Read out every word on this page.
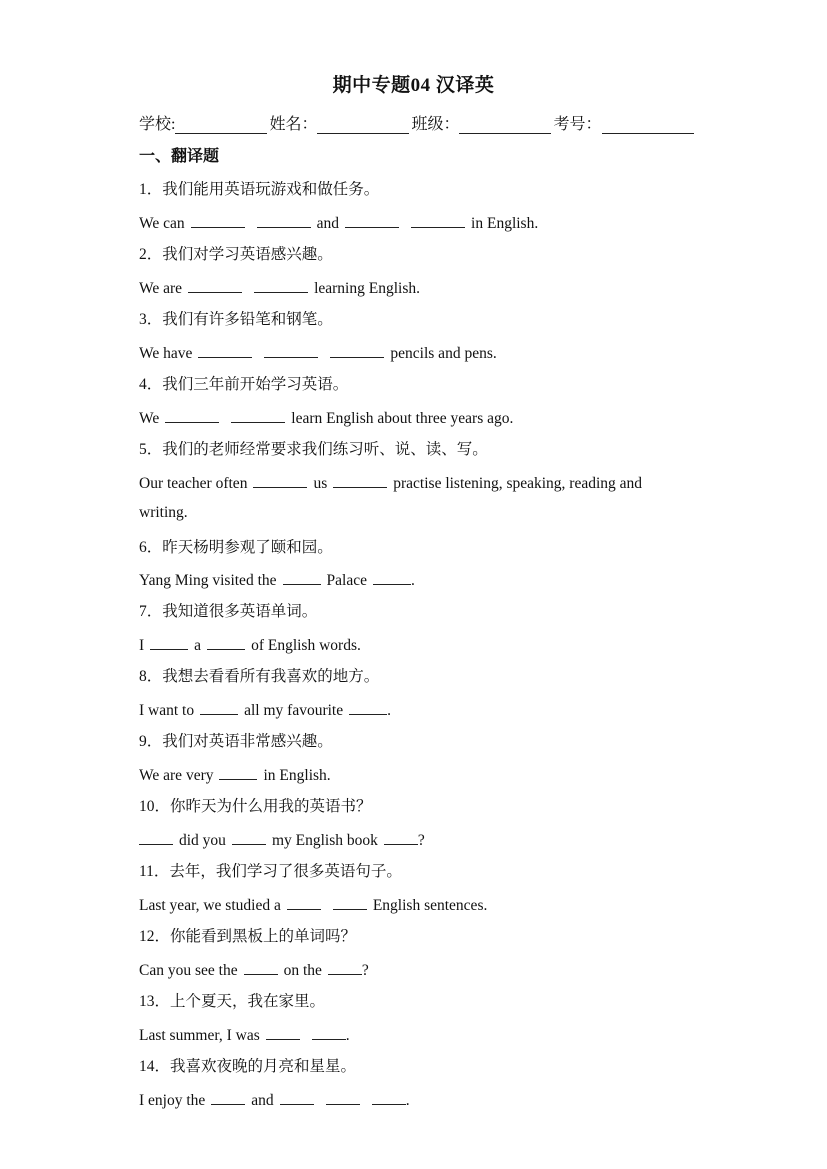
期中专题04 汉译英
学校:	姓名：	班级：	考号：
一、翻译题
1．我们能用英语玩游戏和做任务。
We can	and	in English.
2．我们对学习英语感兴趣。
We are	learning English.
3．我们有许多铅笔和钢笔。
We have	pencils and pens.
4．我们三年前开始学习英语。
We	learn English about three years ago.
5．我们的老师经常要求我们练习听、说、读、写。
Our teacher often	us	practise listening, speaking, reading and
writing.
6．昨天杨明参观了颐和园。
Yang Ming visited the	Palace	.
7．我知道很多英语单词。
I	a	of English words.
8．我想去看看所有我喜欢的地方。
I want to	all my favourite	.
9．我们对英语非常感兴趣。
We are very	in English.
10．你昨天为什么用我的英语书？
did you	my English book	?
11．去年，我们学习了很多英语句子。
Last year, we studied a	English sentences.
12．你能看到黑板上的单词吗？
Can you see the	on the	?
13．上个夏天，我在家里。
Last summer, I was	.
14．我喜欢夜晚的月亮和星星。
I enjoy the	and	.
